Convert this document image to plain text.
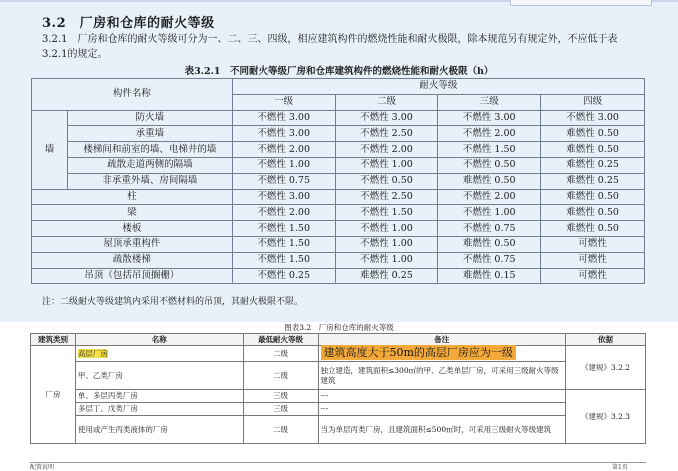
3.2　厂房和仓库的耐火等级
3.2.1　厂房和仓库的耐火等级可分为一、二、三、四级，相应建筑构件的燃烧性能和耐火极限，除本规范另有规定外，不应低于表3.2.1的规定。
表3.2.1　不同耐火等级厂房和仓库建筑构件的燃烧性能和耐火极限（h）
构件名称		耐火等级			
		一级	二级	三级	四级
墙	防火墙	不燃性 3.00	不燃性 3.00	不燃性 3.00	不燃性 3.00
	承重墙	不燃性 3.00	不燃性 2.50	不燃性 2.00	难燃性 0.50
	楼梯间和前室的墙、电梯井的墙	不燃性 2.00	不燃性 2.00	不燃性 1.50	难燃性 0.50
	疏散走道两侧的隔墙	不燃性 1.00	不燃性 1.00	不燃性 0.50	难燃性 0.25
	非承重外墙、房间隔墙	不燃性 0.75	不燃性 0.50	难燃性 0.50	难燃性 0.25
柱		不燃性 3.00	不燃性 2.50	不燃性 2.00	难燃性 0.50
梁		不燃性 2.00	不燃性 1.50	不燃性 1.00	难燃性 0.50
楼板		不燃性 1.50	不燃性 1.00	不燃性 0.75	难燃性 0.50
屋顶承重构件		不燃性 1.50	不燃性 1.00	难燃性 0.50	可燃性
疏散楼梯		不燃性 1.50	不燃性 1.00	不燃性 0.75	可燃性
吊顶（包括吊顶搁栅）		不燃性 0.25	难燃性 0.25	难燃性 0.15	可燃性
注：二级耐火等级建筑内采用不燃材料的吊顶，其耐火极限不限。
图表3.2　厂房和仓库的耐火等级
建筑类别	名称	最低耐火等级	备注	依据
厂房	高层厂房	二级	建筑高度大于50m的高层厂房应为一级	《建规》3.2.2
	甲、乙类厂房	二级	独立建造，建筑面积≤300㎡的甲、乙类单层厂房，可采用三级耐火等级建筑	
	单、多层丙类厂房	三级	---	《建规》3.2.3
	多层丁、戊类厂房	三级	---	
	使用或产生丙类液体的厂房	二级	当为单层丙类厂房，且建筑面积≤500㎡时，可采用三级耐火等级建筑	
配置说明	第1页
